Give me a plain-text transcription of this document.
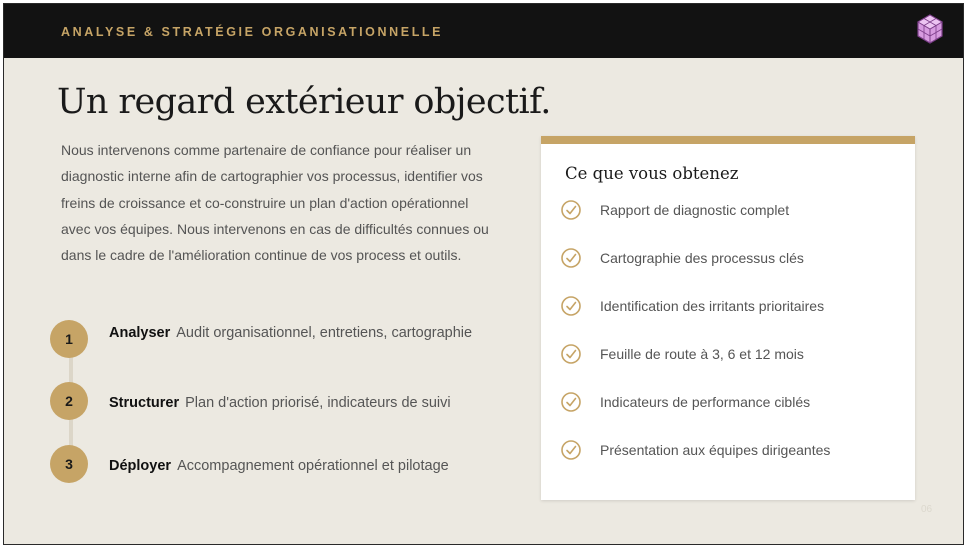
ANALYSE & STRATÉGIE ORGANISATIONNELLE
Un regard extérieur objectif.

Nous intervenons comme partenaire de confiance pour réaliser un diagnostic interne afin de cartographier vos processus, identifier vos freins de croissance et co-construire un plan d'action opérationnel avec vos équipes. Nous intervenons en cas de difficultés connues ou dans le cadre de l'amélioration continue de vos process et outils.

1	Analyser Audit organisationnel, entretiens, cartographie
2	Structurer Plan d'action priorisé, indicateurs de suivi
3	Déployer Accompagnement opérationnel et pilotage
Ce que vous obtenez
Rapport de diagnostic complet
Cartographie des processus clés
Identification des irritants prioritaires
Feuille de route à 3, 6 et 12 mois
Indicateurs de performance ciblés
Présentation aux équipes dirigeantes
06
